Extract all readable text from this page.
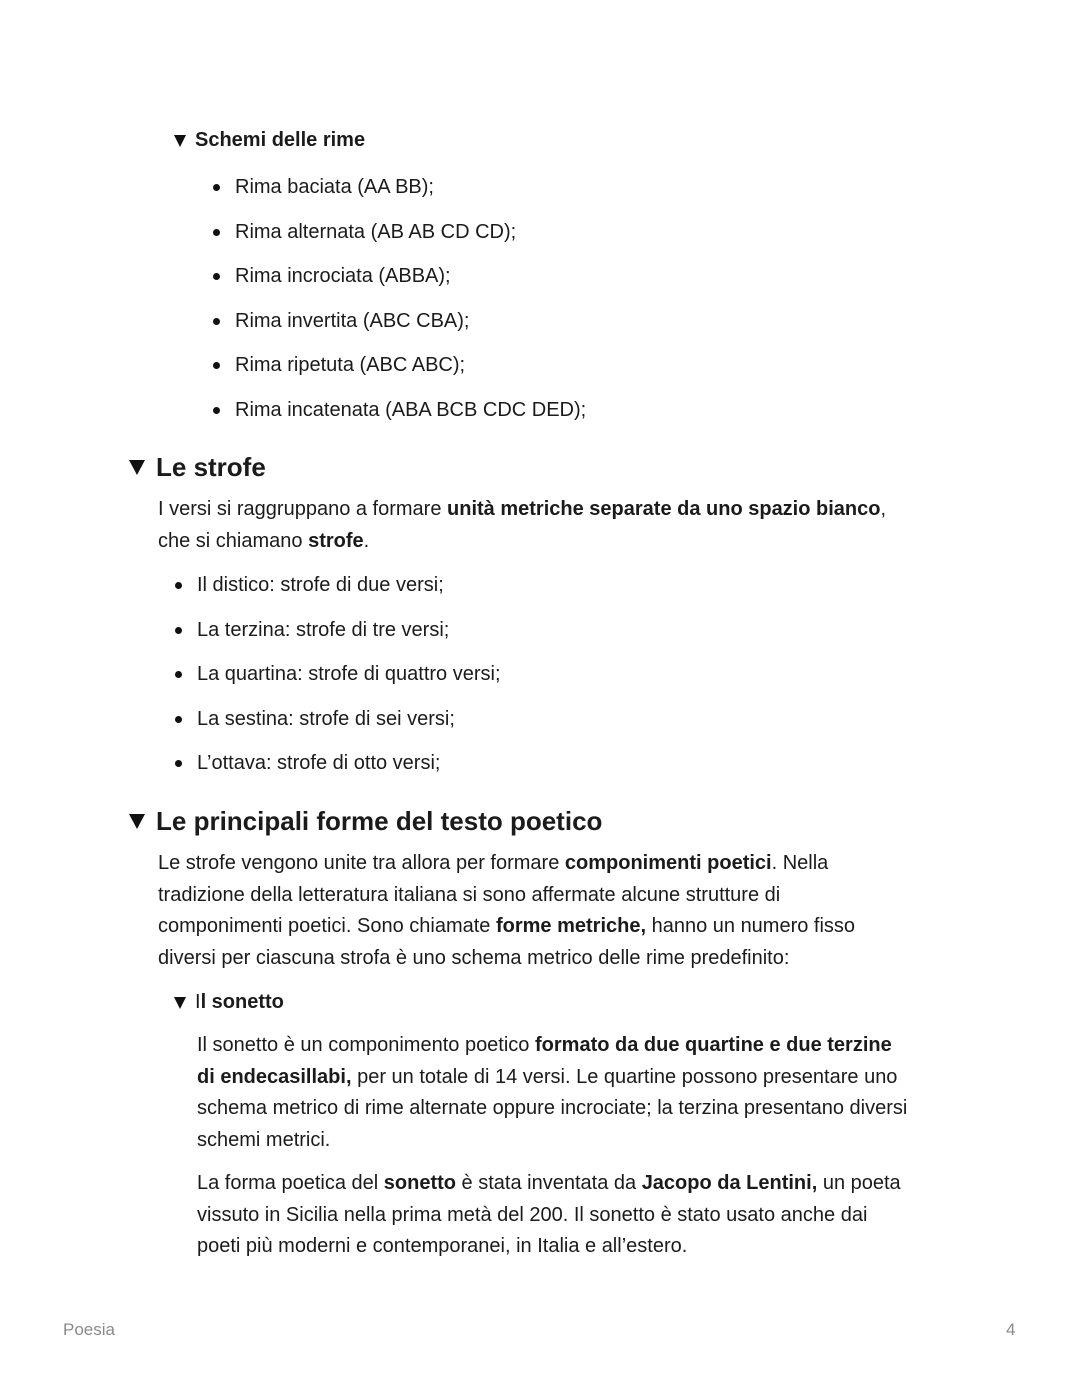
Schemi delle rime
Rima baciata (AA BB);
Rima alternata (AB AB CD CD);
Rima incrociata (ABBA);
Rima invertita (ABC CBA);
Rima ripetuta (ABC ABC);
Rima incatenata (ABA BCB CDC DED);
Le strofe
I versi si raggruppano a formare unità metriche separate da uno spazio bianco,
che si chiamano strofe.
Il distico: strofe di due versi;
La terzina: strofe di tre versi;
La quartina: strofe di quattro versi;
La sestina: strofe di sei versi;
L’ottava: strofe di otto versi;
Le principali forme del testo poetico
Le strofe vengono unite tra allora per formare componimenti poetici. Nella
tradizione della letteratura italiana si sono affermate alcune strutture di
componimenti poetici. Sono chiamate forme metriche, hanno un numero fisso
diversi per ciascuna strofa è uno schema metrico delle rime predefinito:
Il sonetto
Il sonetto è un componimento poetico formato da due quartine e due terzine
di endecasillabi, per un totale di 14 versi. Le quartine possono presentare uno
schema metrico di rime alternate oppure incrociate; la terzina presentano diversi
schemi metrici.
La forma poetica del sonetto è stata inventata da Jacopo da Lentini, un poeta
vissuto in Sicilia nella prima metà del 200. Il sonetto è stato usato anche dai
poeti più moderni e contemporanei, in Italia e all’estero.
Poesia	4
